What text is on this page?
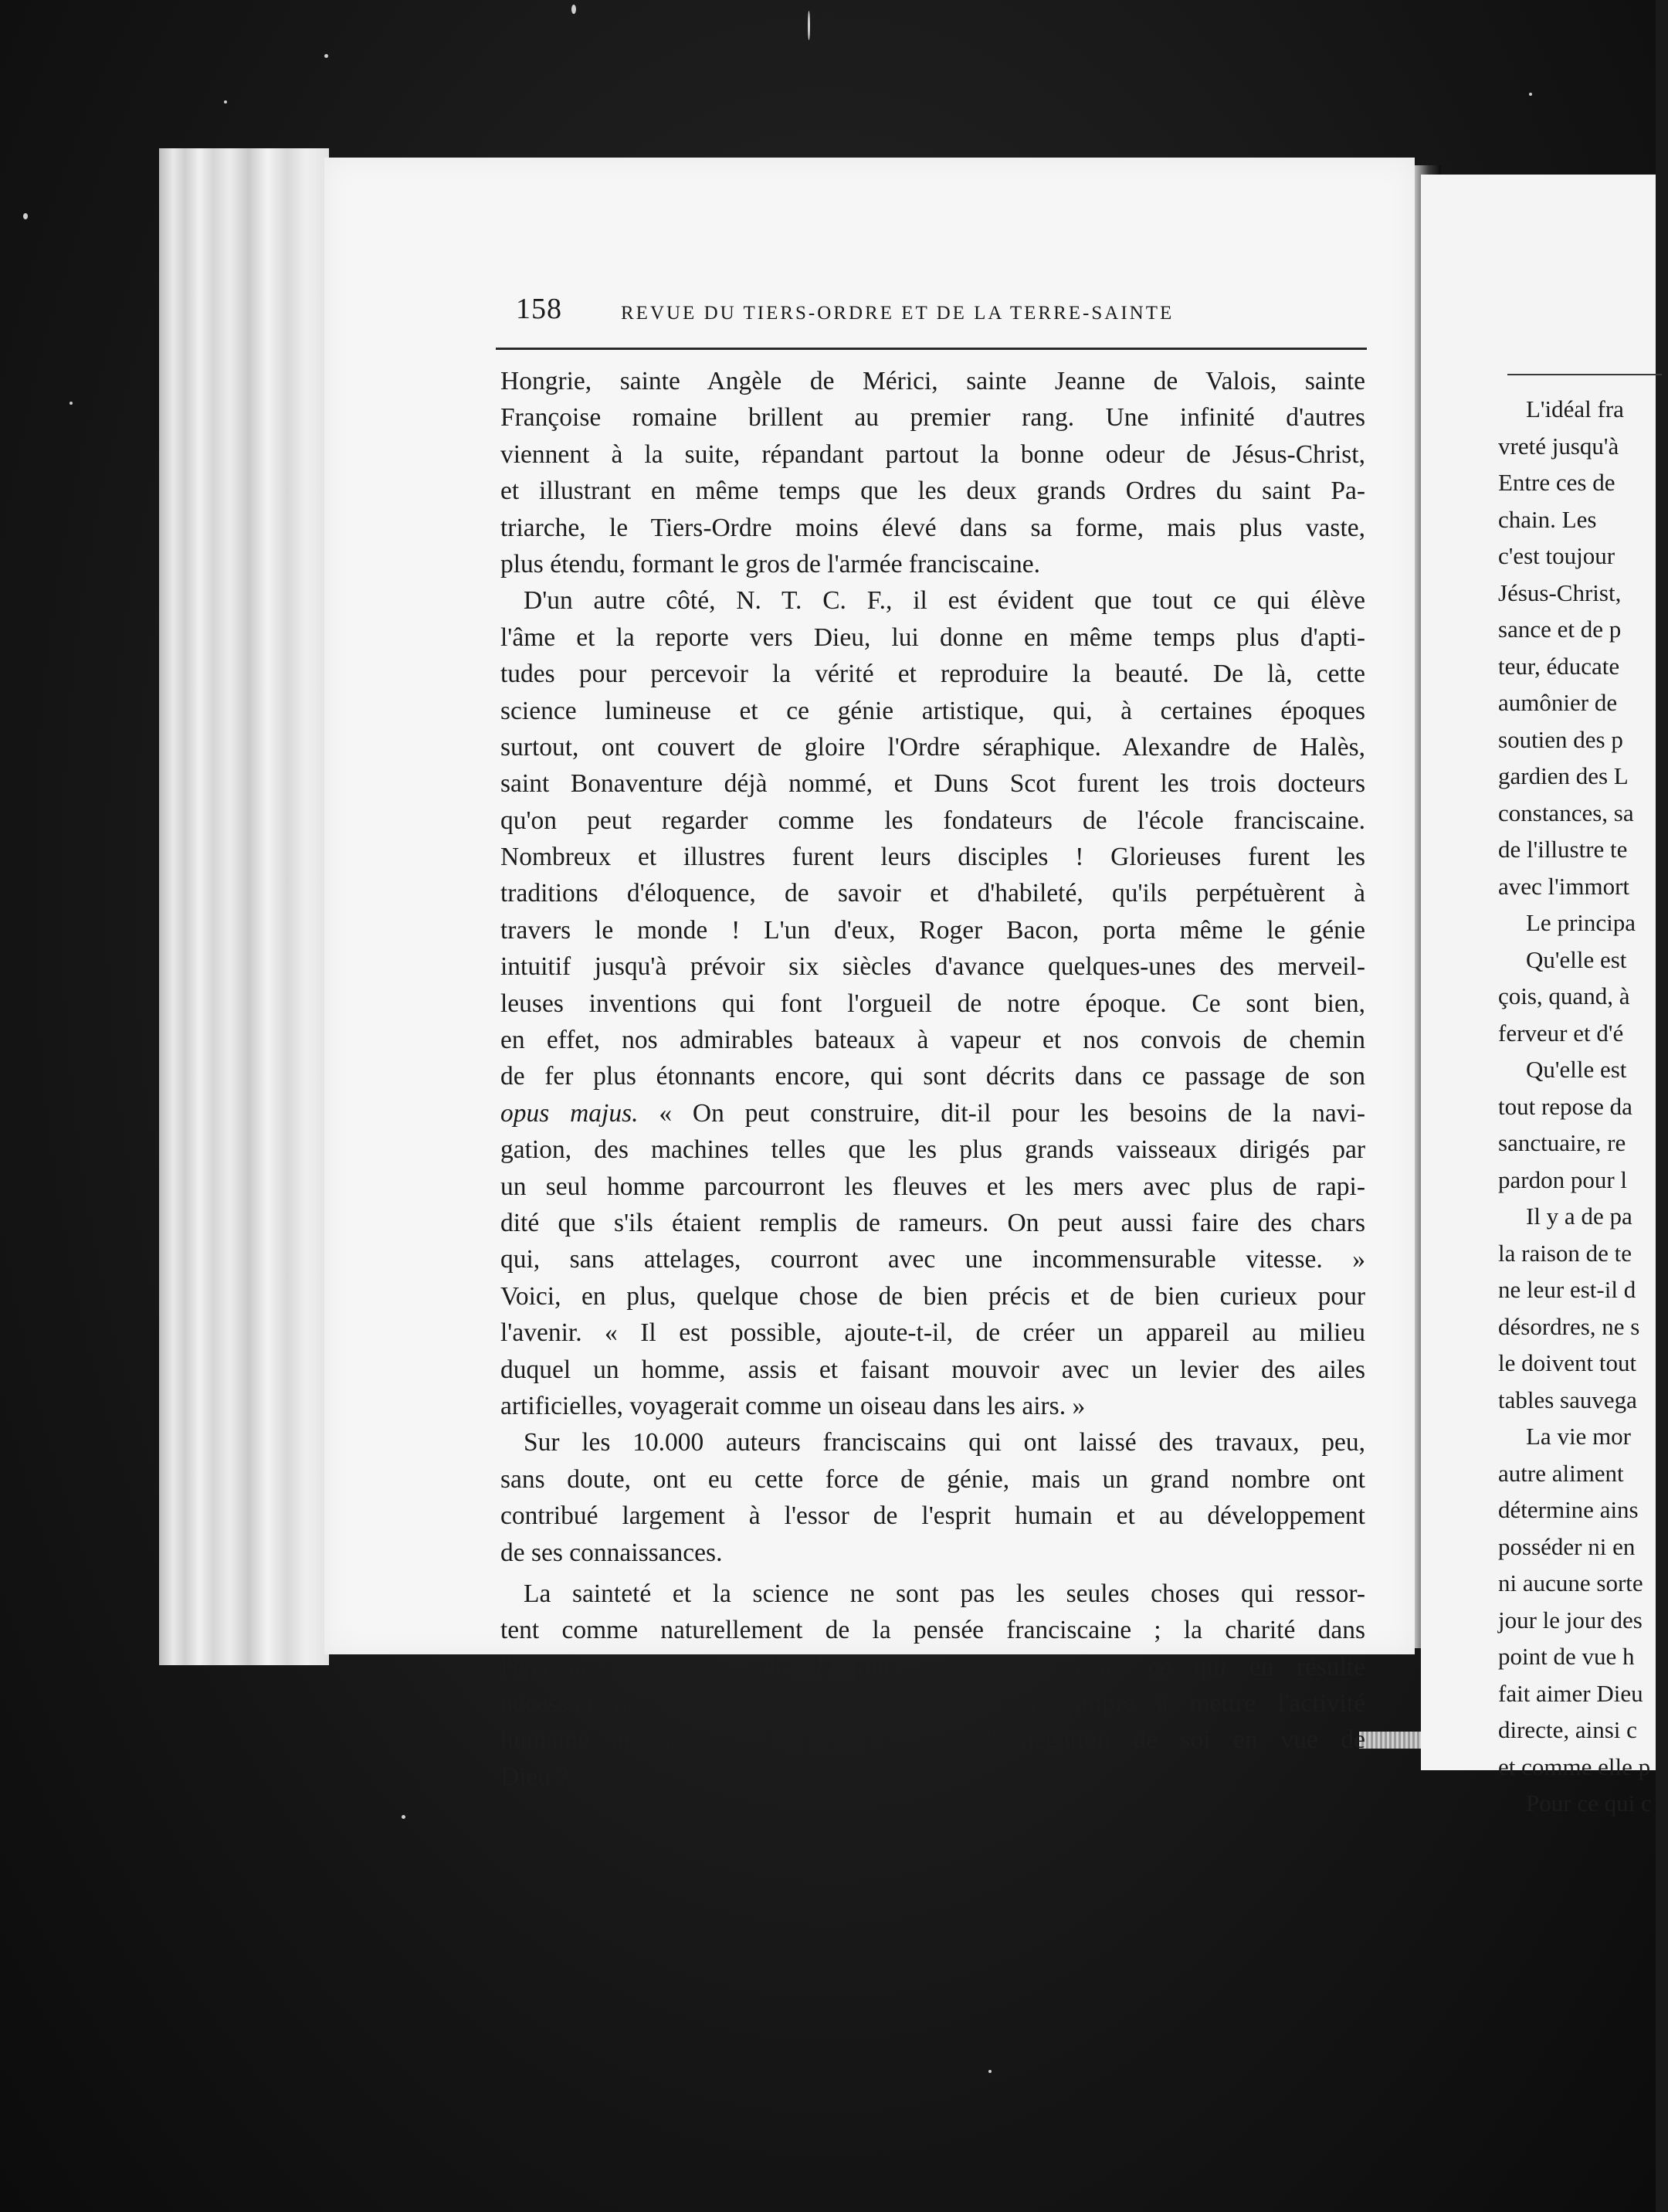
158	REVUE DU TIERS-ORDRE ET DE LA TERRE-SAINTE
Hongrie, sainte Angèle de Mérici, sainte Jeanne de Valois, sainte
Françoise romaine brillent au premier rang. Une infinité d'autres
viennent à la suite, répandant partout la bonne odeur de Jésus-Christ,
et illustrant en même temps que les deux grands Ordres du saint Pa-
triarche, le Tiers-Ordre moins élevé dans sa forme, mais plus vaste,
plus étendu, formant le gros de l'armée franciscaine.
D'un autre côté, N. T. C. F., il est évident que tout ce qui élève
l'âme et la reporte vers Dieu, lui donne en même temps plus d'apti-
tudes pour percevoir la vérité et reproduire la beauté. De là, cette
science lumineuse et ce génie artistique, qui, à certaines époques
surtout, ont couvert de gloire l'Ordre séraphique. Alexandre de Halès,
saint Bonaventure déjà nommé, et Duns Scot furent les trois docteurs
qu'on peut regarder comme les fondateurs de l'école franciscaine.
Nombreux et illustres furent leurs disciples ! Glorieuses furent les
traditions d'éloquence, de savoir et d'habileté, qu'ils perpétuèrent à
travers le monde ! L'un d'eux, Roger Bacon, porta même le génie
intuitif jusqu'à prévoir six siècles d'avance quelques-unes des merveil-
leuses inventions qui font l'orgueil de notre époque. Ce sont bien,
en effet, nos admirables bateaux à vapeur et nos convois de chemin
de fer plus étonnants encore, qui sont décrits dans ce passage de son
opus majus. « On peut construire, dit-il pour les besoins de la navi-
gation, des machines telles que les plus grands vaisseaux dirigés par
un seul homme parcourront les fleuves et les mers avec plus de rapi-
dité que s'ils étaient remplis de rameurs. On peut aussi faire des chars
qui, sans attelages, courront avec une incommensurable vitesse. »
Voici, en plus, quelque chose de bien précis et de bien curieux pour
l'avenir. « Il est possible, ajoute-t-il, de créer un appareil au milieu
duquel un homme, assis et faisant mouvoir avec un levier des ailes
artificielles, voyagerait comme un oiseau dans les airs. »
Sur les 10.000 auteurs franciscains qui ont laissé des travaux, peu,
sans doute, ont eu cette force de génie, mais un grand nombre ont
contribué largement à l'essor de l'esprit humain et au développement
de ses connaissances.
La sainteté et la science ne sont pas les seules choses qui ressor-
tent comme naturellement de la pensée franciscaine ; la charité dans
l'épanouissement du zèle le plus pur, voilà encore ce qui en résulte
nécessairement. Qu'y a-t-il, en effet, de plus propre à mettre l'activité
humaine au service du prochain, que l'abnégation de soi en vue de
Dieu ?
L'idéal fra
vreté jusqu'à
Entre ces de
chain. Les
c'est toujour
Jésus-Christ,
sance et de p
teur, éducate
aumônier de
soutien des p
gardien des L
constances, sa
de l'illustre te
avec l'immort
Le principa
Qu'elle est
çois, quand, à
ferveur et d'é
Qu'elle est
tout repose da
sanctuaire, re
pardon pour l
Il y a de pa
la raison de te
ne leur est-il d
désordres, ne s
le doivent tout
tables sauvega
La vie mor
autre aliment
détermine ains
posséder ni en
ni aucune sorte
jour le jour des
point de vue h
fait aimer Dieu
directe, ainsi c
et comme elle p
Pour ce qui c
